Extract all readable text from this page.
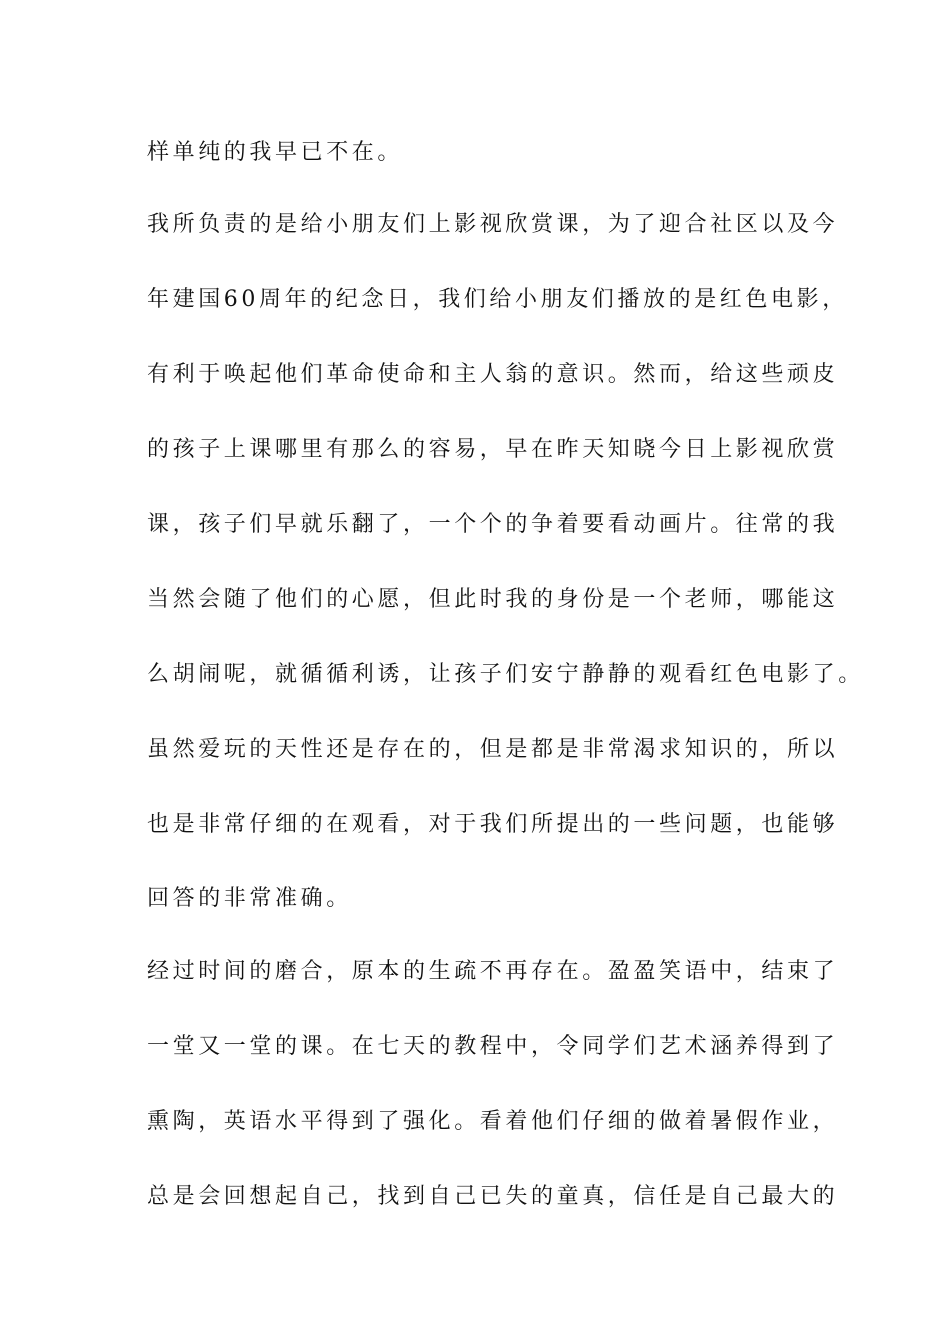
样单纯的我早已不在。
我所负责的是给小朋友们上影视欣赏课，为了迎合社区以及今
年建国60周年的纪念日，我们给小朋友们播放的是红色电影，
有利于唤起他们革命使命和主人翁的意识。然而，给这些顽皮
的孩子上课哪里有那么的容易，早在昨天知晓今日上影视欣赏
课，孩子们早就乐翻了，一个个的争着要看动画片。往常的我
当然会随了他们的心愿，但此时我的身份是一个老师，哪能这
么胡闹呢，就循循利诱，让孩子们安宁静静的观看红色电影了。
虽然爱玩的天性还是存在的，但是都是非常渴求知识的，所以
也是非常仔细的在观看，对于我们所提出的一些问题，也能够
回答的非常准确。
经过时间的磨合，原本的生疏不再存在。盈盈笑语中，结束了
一堂又一堂的课。在七天的教程中，令同学们艺术涵养得到了
熏陶，英语水平得到了强化。看着他们仔细的做着暑假作业，
总是会回想起自己，找到自己已失的童真，信任是自己最大的
